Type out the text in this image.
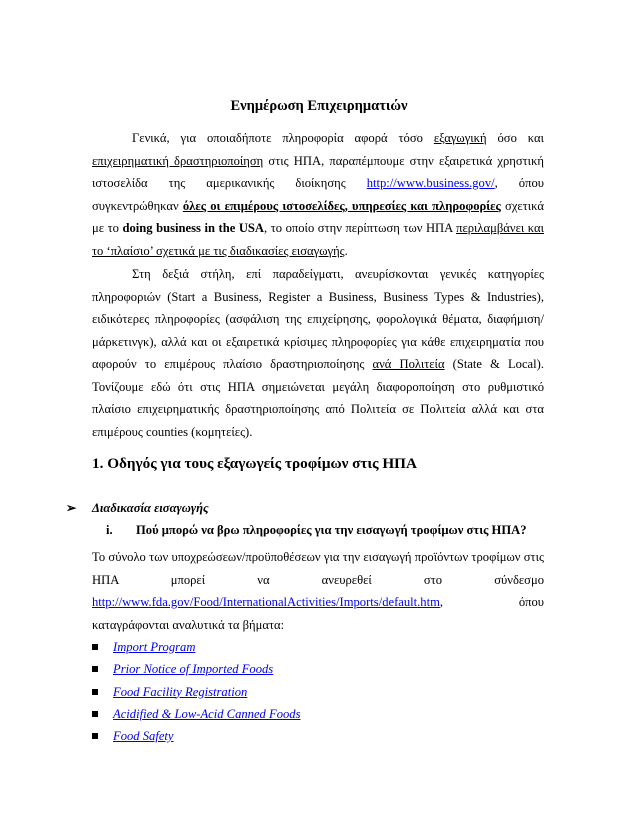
Ενημέρωση Επιχειρηματιών
Γενικά, για οποιαδήποτε πληροφορία αφορά τόσο εξαγωγική όσο και επιχειρηματική δραστηριοποίηση στις ΗΠΑ, παραπέμπουμε στην εξαιρετικά χρηστική ιστοσελίδα της αμερικανικής διοίκησης http://www.business.gov/, όπου συγκεντρώθηκαν όλες οι επιμέρους ιστοσελίδες, υπηρεσίες και πληροφορίες σχετικά με το doing business in the USA, το οποίο στην περίπτωση των ΗΠΑ περιλαμβάνει και το ‘πλαίσιο’ σχετικά με τις διαδικασίες εισαγωγής.
Στη δεξιά στήλη, επί παραδείγματι, ανευρίσκονται γενικές κατηγορίες πληροφοριών (Start a Business, Register a Business, Business Types & Industries), ειδικότερες πληροφορίες (ασφάλιση της επιχείρησης, φορολογικά θέματα, διαφήμιση/μάρκετινγκ), αλλά και οι εξαιρετικά κρίσιμες πληροφορίες για κάθε επιχειρηματία που αφορούν το επιμέρους πλαίσιο δραστηριοποίησης ανά Πολιτεία (State & Local). Τονίζουμε εδώ ότι στις ΗΠΑ σημειώνεται μεγάλη διαφοροποίηση στο ρυθμιστικό πλαίσιο επιχειρηματικής δραστηριοποίησης από Πολιτεία σε Πολιτεία αλλά και στα επιμέρους counties (κομητείες).
1. Οδηγός για τους εξαγωγείς τροφίμων στις ΗΠΑ
➢ Διαδικασία εισαγωγής
i. Πού μπορώ να βρω πληροφορίες για την εισαγωγή τροφίμων στις ΗΠΑ?
Το σύνολο των υποχρεώσεων/προϋποθέσεων για την εισαγωγή προϊόντων τροφίμων στις ΗΠΑ μπορεί να ανευρεθεί στο σύνδεσμο http://www.fda.gov/Food/InternationalActivities/Imports/default.htm, όπου καταγράφονται αναλυτικά τα βήματα:
Import Program
Prior Notice of Imported Foods
Food Facility Registration
Acidified & Low-Acid Canned Foods
Food Safety
